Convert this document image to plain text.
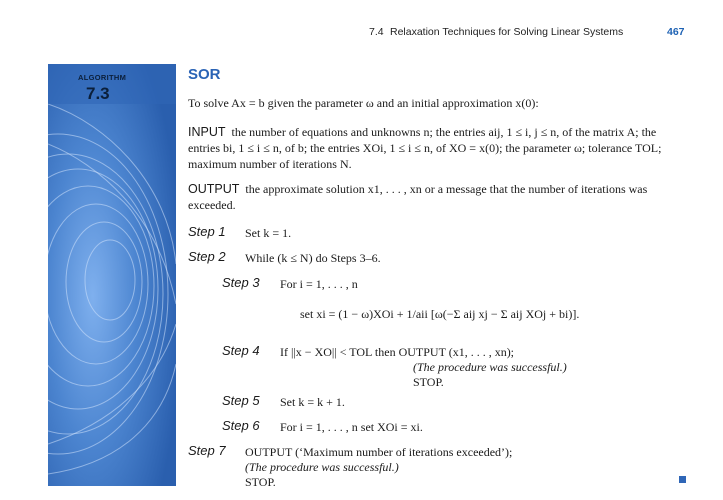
7.4 Relaxation Techniques for Solving Linear Systems	467
ALGORITHM
7.3
SOR
To solve Ax = b given the parameter ω and an initial approximation x(0):
INPUT the number of equations and unknowns n; the entries aij, 1 ≤ i, j ≤ n, of the matrix A; the entries bi, 1 ≤ i ≤ n, of b; the entries XOi, 1 ≤ i ≤ n, of XO = x(0); the parameter ω; tolerance TOL; maximum number of iterations N.
OUTPUT the approximate solution x1, . . . , xn or a message that the number of iterations was exceeded.
Step 1 Set k = 1.
Step 2 While (k ≤ N) do Steps 3–6.
Step 3 For i = 1, . . . , n
set xi = (1 − ω)XOi + 1/aii [ω(−Σ aij xj − Σ aij XOj + bi)].
Step 4 If ||x − XO|| < TOL then OUTPUT (x1, . . . , xn);
(The procedure was successful.)
STOP.
Step 5 Set k = k + 1.
Step 6 For i = 1, . . . , n set XOi = xi.
Step 7 OUTPUT (‘Maximum number of iterations exceeded’);
(The procedure was successful.)
STOP.
